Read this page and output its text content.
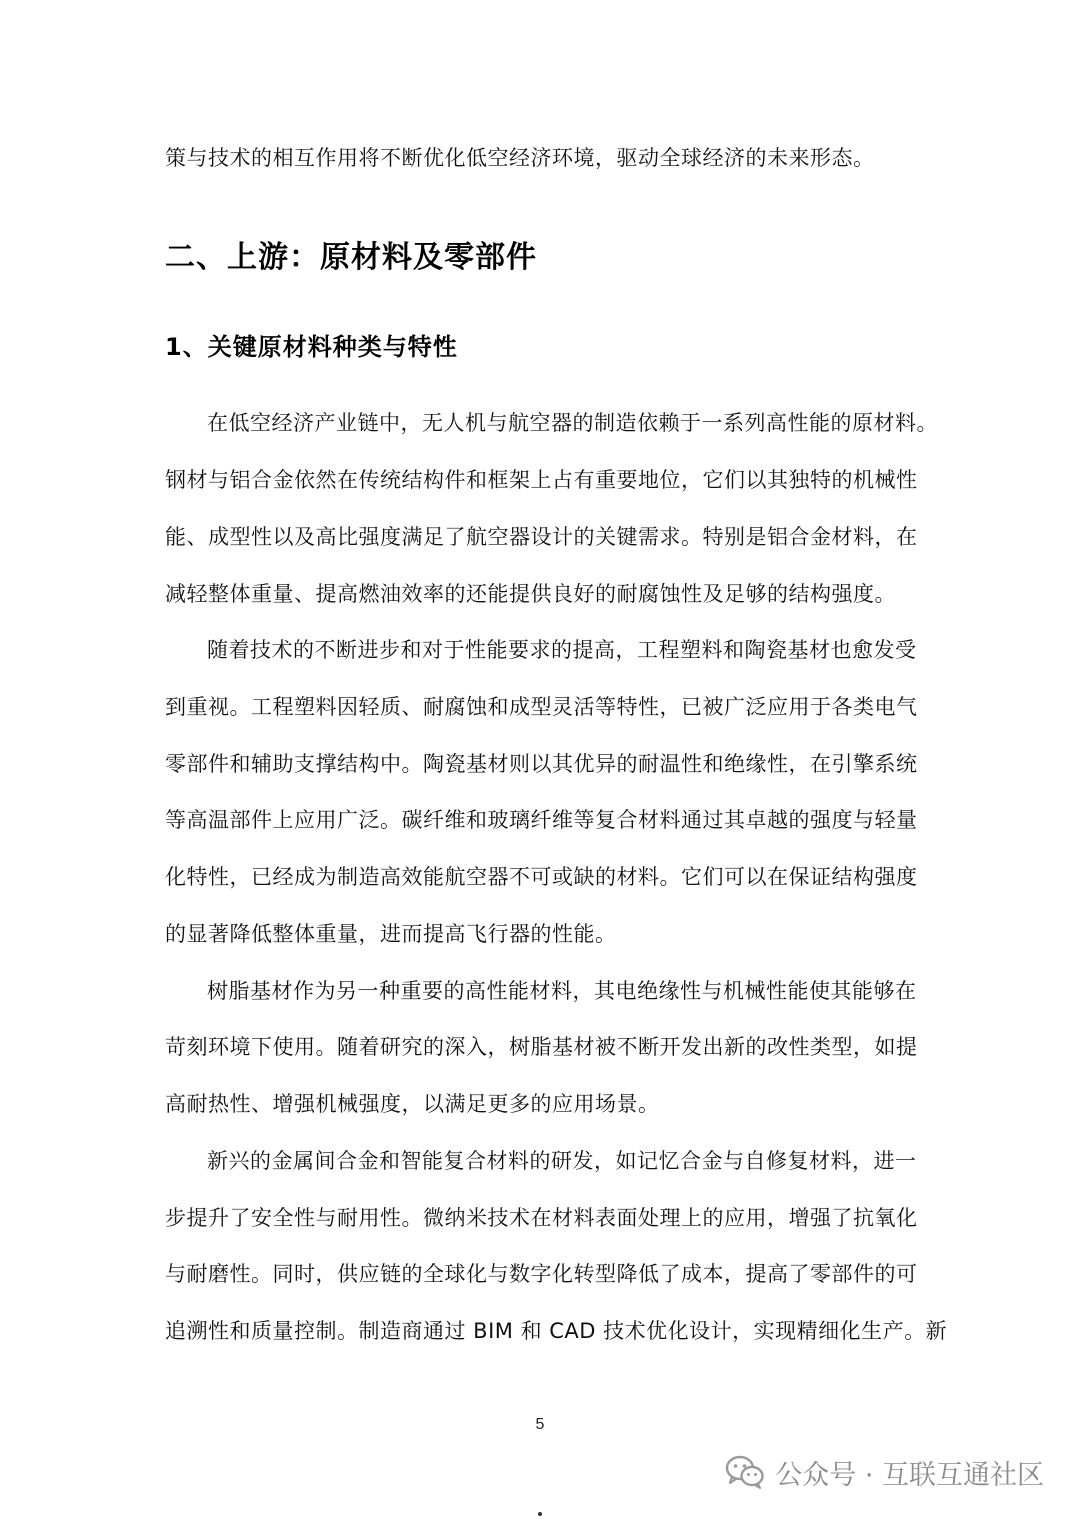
策与技术的相互作用将不断优化低空经济环境，驱动全球经济的未来形态。
二、上游：原材料及零部件
1、关键原材料种类与特性
在低空经济产业链中，无人机与航空器的制造依赖于一系列高性能的原材料。
钢材与铝合金依然在传统结构件和框架上占有重要地位，它们以其独特的机械性
能、成型性以及高比强度满足了航空器设计的关键需求。特别是铝合金材料，在
减轻整体重量、提高燃油效率的还能提供良好的耐腐蚀性及足够的结构强度。
随着技术的不断进步和对于性能要求的提高，工程塑料和陶瓷基材也愈发受
到重视。工程塑料因轻质、耐腐蚀和成型灵活等特性，已被广泛应用于各类电气
零部件和辅助支撑结构中。陶瓷基材则以其优异的耐温性和绝缘性，在引擎系统
等高温部件上应用广泛。碳纤维和玻璃纤维等复合材料通过其卓越的强度与轻量
化特性，已经成为制造高效能航空器不可或缺的材料。它们可以在保证结构强度
的显著降低整体重量，进而提高飞行器的性能。
树脂基材作为另一种重要的高性能材料，其电绝缘性与机械性能使其能够在
苛刻环境下使用。随着研究的深入，树脂基材被不断开发出新的改性类型，如提
高耐热性、增强机械强度，以满足更多的应用场景。
新兴的金属间合金和智能复合材料的研发，如记忆合金与自修复材料，进一
步提升了安全性与耐用性。微纳米技术在材料表面处理上的应用，增强了抗氧化
与耐磨性。同时，供应链的全球化与数字化转型降低了成本，提高了零部件的可
追溯性和质量控制。制造商通过 BIM 和 CAD 技术优化设计，实现精细化生产。新
5
公众号 · 互联互通社区
